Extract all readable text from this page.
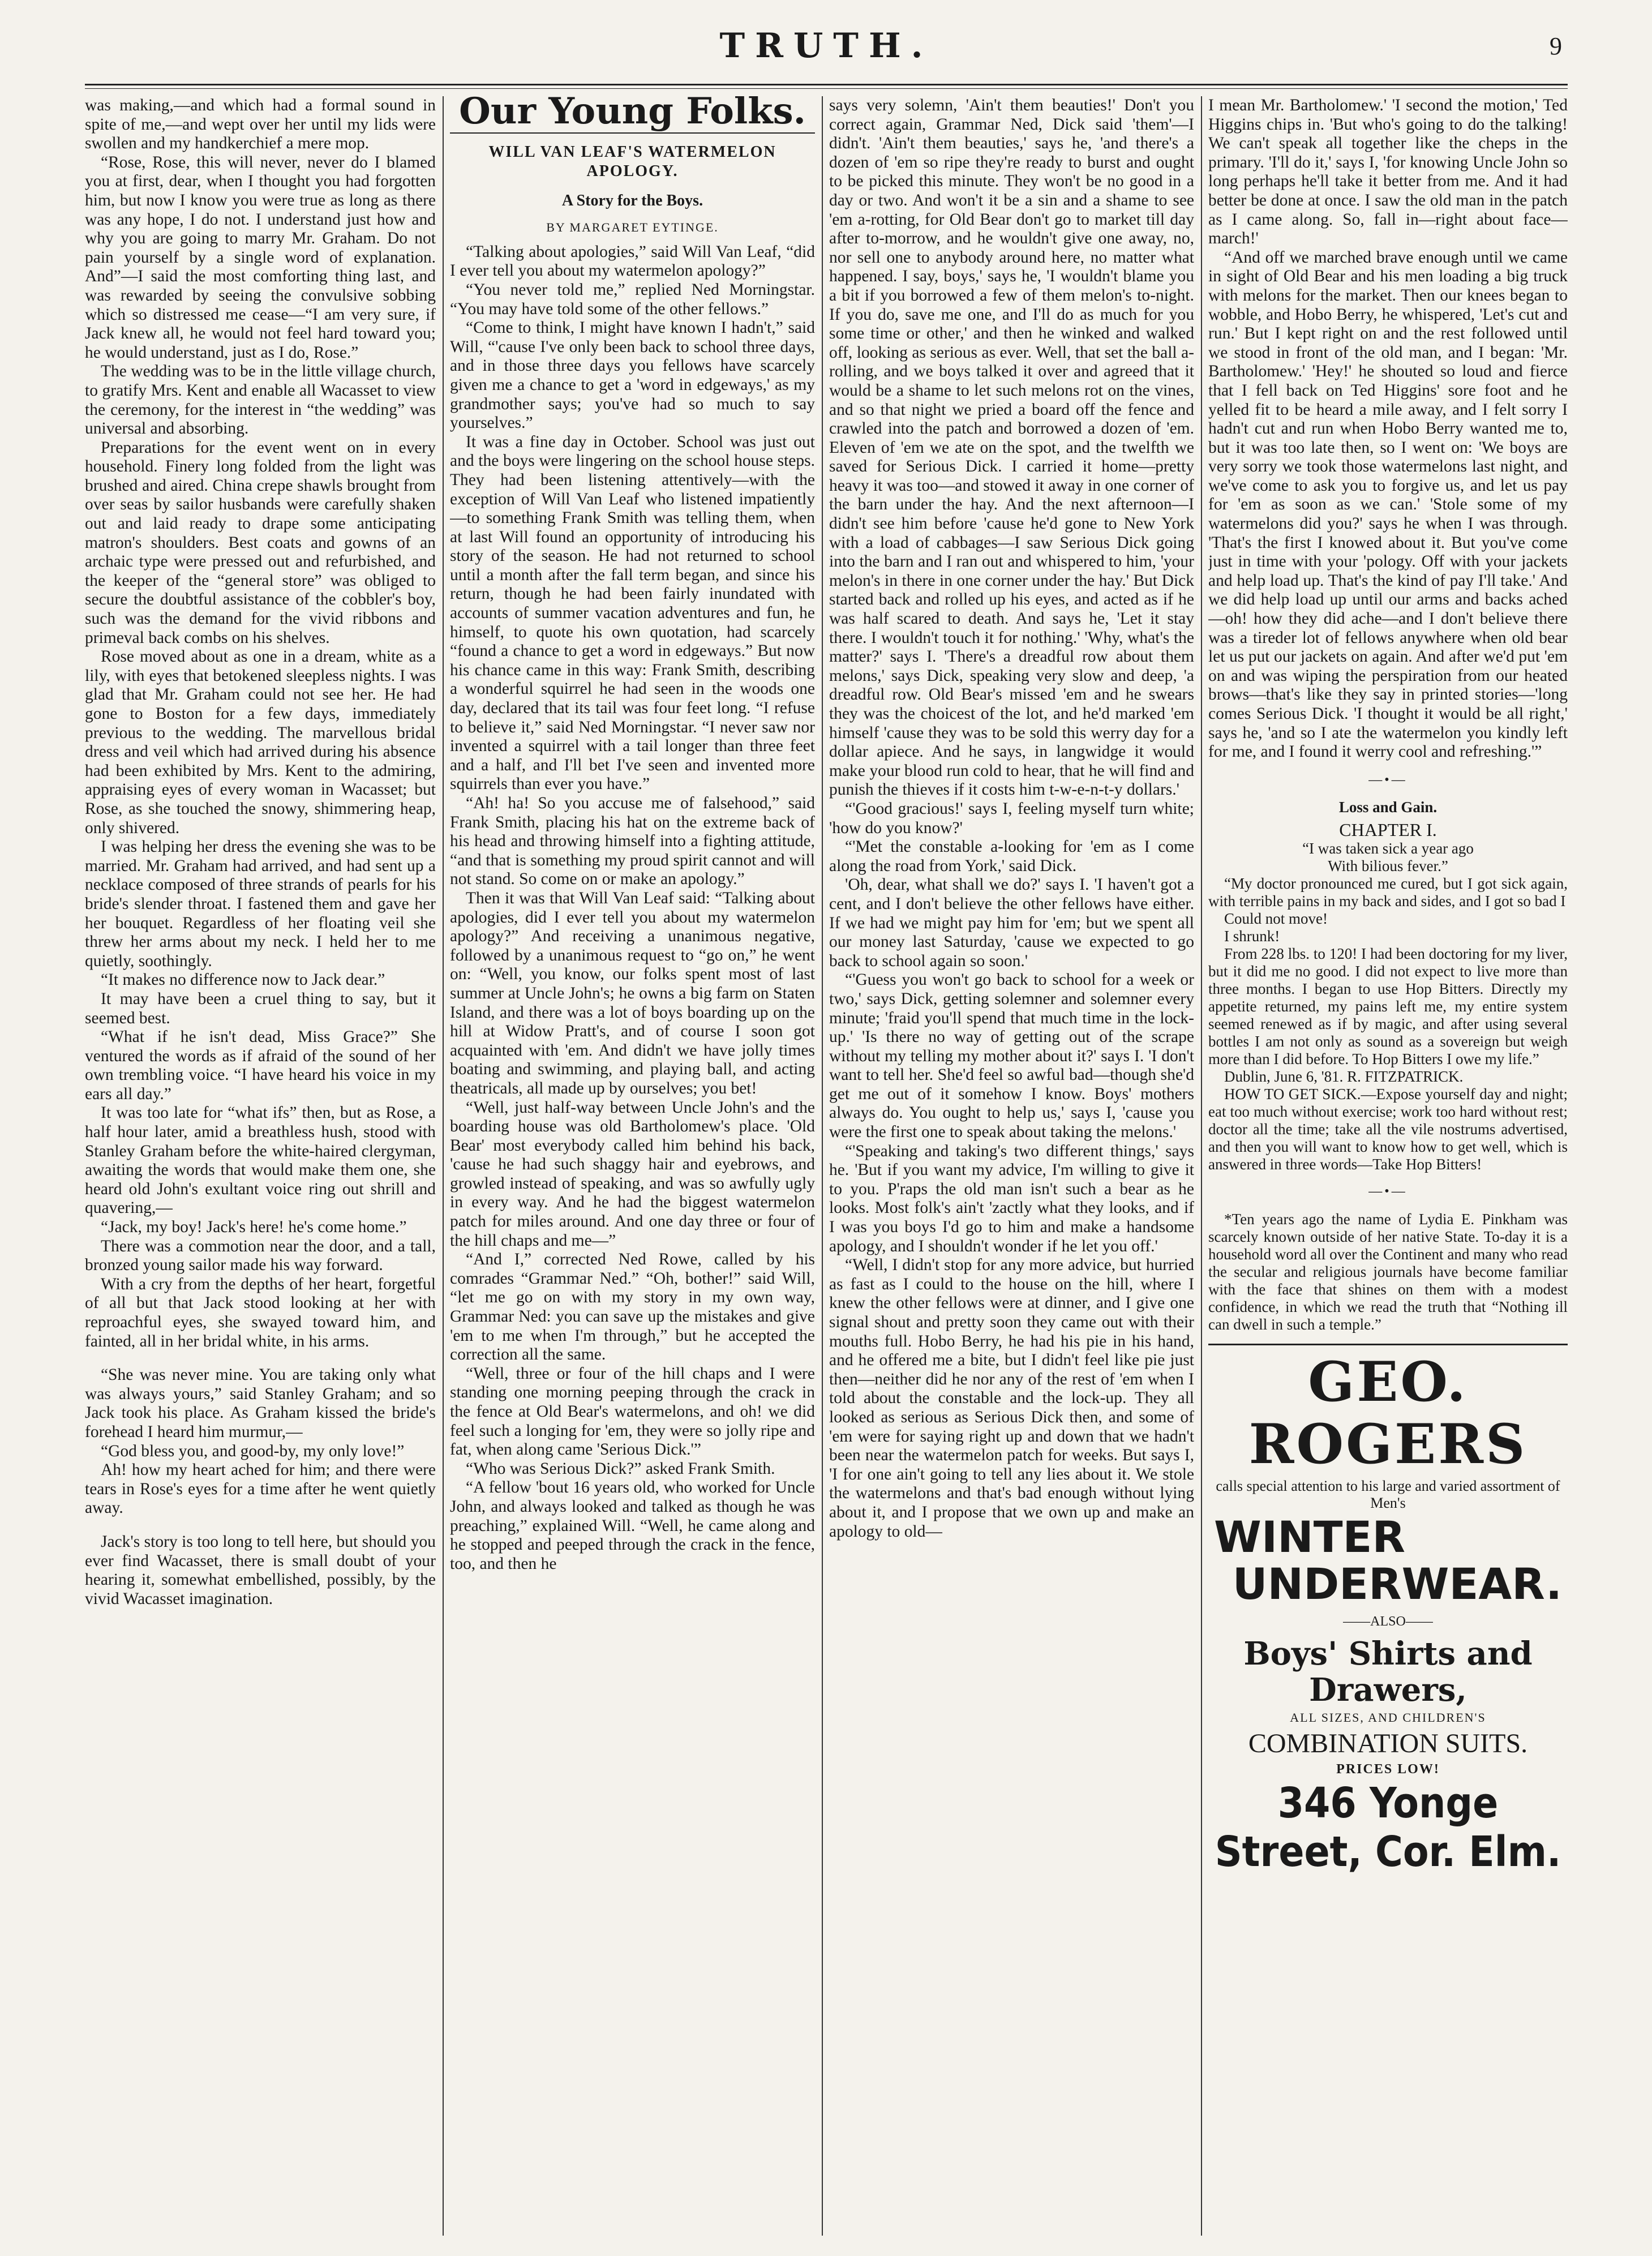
TRUTH.	9

was making,—and which had a formal sound in spite of me,—and wept over her until my lids were swollen and my handkerchief a mere mop.

“Rose, Rose, this will never, never do I blamed you at first, dear, when I thought you had forgotten him, but now I know you were true as long as there was any hope, I do not. I understand just how and why you are going to marry Mr. Graham. Do not pain yourself by a single word of explanation. And”—I said the most comforting thing last, and was rewarded by seeing the convulsive sobbing which so distressed me cease—“I am very sure, if Jack knew all, he would not feel hard toward you; he would understand, just as I do, Rose.”

The wedding was to be in the little village church, to gratify Mrs. Kent and enable all Wacasset to view the ceremony, for the interest in “the wedding” was universal and absorbing.

Preparations for the event went on in every household. Finery long folded from the light was brushed and aired. China crepe shawls brought from over seas by sailor husbands were carefully shaken out and laid ready to drape some anticipating matron's shoulders. Best coats and gowns of an archaic type were pressed out and refurbished, and the keeper of the “general store” was obliged to secure the doubtful assistance of the cobbler's boy, such was the demand for the vivid ribbons and primeval back combs on his shelves.

Rose moved about as one in a dream, white as a lily, with eyes that betokened sleepless nights. I was glad that Mr. Graham could not see her. He had gone to Boston for a few days, immediately previous to the wedding. The marvellous bridal dress and veil which had arrived during his absence had been exhibited by Mrs. Kent to the admiring, appraising eyes of every woman in Wacasset; but Rose, as she touched the snowy, shimmering heap, only shivered.

I was helping her dress the evening she was to be married. Mr. Graham had arrived, and had sent up a necklace composed of three strands of pearls for his bride's slender throat. I fastened them and gave her her bouquet. Regardless of her floating veil she threw her arms about my neck. I held her to me quietly, soothingly.

“It makes no difference now to Jack dear.”

It may have been a cruel thing to say, but it seemed best.

“What if he isn't dead, Miss Grace?” She ventured the words as if afraid of the sound of her own trembling voice. “I have heard his voice in my ears all day.”

It was too late for “what ifs” then, but as Rose, a half hour later, amid a breathless hush, stood with Stanley Graham before the white-haired clergyman, awaiting the words that would make them one, she heard old John's exultant voice ring out shrill and quavering,—

“Jack, my boy! Jack's here! he's come home.”

There was a commotion near the door, and a tall, bronzed young sailor made his way forward.

With a cry from the depths of her heart, forgetful of all but that Jack stood looking at her with reproachful eyes, she swayed toward him, and fainted, all in her bridal white, in his arms.

“She was never mine. You are taking only what was always yours,” said Stanley Graham; and so Jack took his place. As Graham kissed the bride's forehead I heard him murmur,—

“God bless you, and good-by, my only love!”

Ah! how my heart ached for him; and there were tears in Rose's eyes for a time after he went quietly away.

Jack's story is too long to tell here, but should you ever find Wacasset, there is small doubt of your hearing it, somewhat embellished, possibly, by the vivid Wacasset imagination.

Our Young Folks.
WILL VAN LEAF'S WATERMELON APOLOGY.
A Story for the Boys.
BY MARGARET EYTINGE.

“Talking about apologies,” said Will Van Leaf, “did I ever tell you about my watermelon apology?”

“You never told me,” replied Ned Morningstar. “You may have told some of the other fellows.”

“Come to think, I might have known I hadn't,” said Will, “'cause I've only been back to school three days, and in those three days you fellows have scarcely given me a chance to get a 'word in edgeways,' as my grandmother says; you've had so much to say yourselves.”

It was a fine day in October. School was just out and the boys were lingering on the school house steps. They had been listening attentively—with the exception of Will Van Leaf who listened impatiently—to something Frank Smith was telling them, when at last Will found an opportunity of introducing his story of the season. He had not returned to school until a month after the fall term began, and since his return, though he had been fairly inundated with accounts of summer vacation adventures and fun, he himself, to quote his own quotation, had scarcely “found a chance to get a word in edgeways.” But now his chance came in this way: Frank Smith, describing a wonderful squirrel he had seen in the woods one day, declared that its tail was four feet long. “I refuse to believe it,” said Ned Morningstar. “I never saw nor invented a squirrel with a tail longer than three feet and a half, and I'll bet I've seen and invented more squirrels than ever you have.”

“Ah! ha! So you accuse me of falsehood,” said Frank Smith, placing his hat on the extreme back of his head and throwing himself into a fighting attitude, “and that is something my proud spirit cannot and will not stand. So come on or make an apology.”

Then it was that Will Van Leaf said: “Talking about apologies, did I ever tell you about my watermelon apology?” And receiving a unanimous negative, followed by a unanimous request to “go on,” he went on: “Well, you know, our folks spent most of last summer at Uncle John's; he owns a big farm on Staten Island, and there was a lot of boys boarding up on the hill at Widow Pratt's, and of course I soon got acquainted with 'em. And didn't we have jolly times boating and swimming, and playing ball, and acting theatricals, all made up by ourselves; you bet!

“Well, just half-way between Uncle John's and the boarding house was old Bartholomew's place. 'Old Bear' most everybody called him behind his back, 'cause he had such shaggy hair and eyebrows, and growled instead of speaking, and was so awfully ugly in every way. And he had the biggest watermelon patch for miles around. And one day three or four of the hill chaps and me—”

“And I,” corrected Ned Rowe, called by his comrades “Grammar Ned.” “Oh, bother!” said Will, “let me go on with my story in my own way, Grammar Ned: you can save up the mistakes and give 'em to me when I'm through,” but he accepted the correction all the same.

“Well, three or four of the hill chaps and I were standing one morning peeping through the crack in the fence at Old Bear's watermelons, and oh! we did feel such a longing for 'em, they were so jolly ripe and fat, when along came 'Serious Dick.'”

“Who was Serious Dick?” asked Frank Smith.

“A fellow 'bout 16 years old, who worked for Uncle John, and always looked and talked as though he was preaching,” explained Will. “Well, he came along and he stopped and peeped through the crack in the fence, too, and then he

says very solemn, 'Ain't them beauties!' Don't you correct again, Grammar Ned, Dick said 'them'—I didn't. 'Ain't them beauties,' says he, 'and there's a dozen of 'em so ripe they're ready to burst and ought to be picked this minute. They won't be no good in a day or two. And won't it be a sin and a shame to see 'em a-rotting, for Old Bear don't go to market till day after to-morrow, and he wouldn't give one away, no, nor sell one to anybody around here, no matter what happened. I say, boys,' says he, 'I wouldn't blame you a bit if you borrowed a few of them melon's to-night. If you do, save me one, and I'll do as much for you some time or other,' and then he winked and walked off, looking as serious as ever. Well, that set the ball a-rolling, and we boys talked it over and agreed that it would be a shame to let such melons rot on the vines, and so that night we pried a board off the fence and crawled into the patch and borrowed a dozen of 'em. Eleven of 'em we ate on the spot, and the twelfth we saved for Serious Dick. I carried it home—pretty heavy it was too—and stowed it away in one corner of the barn under the hay. And the next afternoon—I didn't see him before 'cause he'd gone to New York with a load of cabbages—I saw Serious Dick going into the barn and I ran out and whispered to him, 'your melon's in there in one corner under the hay.' But Dick started back and rolled up his eyes, and acted as if he was half scared to death. And says he, 'Let it stay there. I wouldn't touch it for nothing.' 'Why, what's the matter?' says I. 'There's a dreadful row about them melons,' says Dick, speaking very slow and deep, 'a dreadful row. Old Bear's missed 'em and he swears they was the choicest of the lot, and he'd marked 'em himself 'cause they was to be sold this werry day for a dollar apiece. And he says, in langwidge it would make your blood run cold to hear, that he will find and punish the thieves if it costs him t-w-e-n-t-y dollars.'

“'Good gracious!' says I, feeling myself turn white; 'how do you know?'

“'Met the constable a-looking for 'em as I come along the road from York,' said Dick.

'Oh, dear, what shall we do?' says I. 'I haven't got a cent, and I don't believe the other fellows have either. If we had we might pay him for 'em; but we spent all our money last Saturday, 'cause we expected to go back to school again so soon.'

“'Guess you won't go back to school for a week or two,' says Dick, getting solemner and solemner every minute; 'fraid you'll spend that much time in the lock-up.' 'Is there no way of getting out of the scrape without my telling my mother about it?' says I. 'I don't want to tell her. She'd feel so awful bad—though she'd get me out of it somehow I know. Boys' mothers always do. You ought to help us,' says I, 'cause you were the first one to speak about taking the melons.'

“'Speaking and taking's two different things,' says he. 'But if you want my advice, I'm willing to give it to you. P'raps the old man isn't such a bear as he looks. Most folk's ain't 'zactly what they looks, and if I was you boys I'd go to him and make a handsome apology, and I shouldn't wonder if he let you off.'

“Well, I didn't stop for any more advice, but hurried as fast as I could to the house on the hill, where I knew the other fellows were at dinner, and I give one signal shout and pretty soon they came out with their mouths full. Hobo Berry, he had his pie in his hand, and he offered me a bite, but I didn't feel like pie just then—neither did he nor any of the rest of 'em when I told about the constable and the lock-up. They all looked as serious as Serious Dick then, and some of 'em were for saying right up and down that we hadn't been near the watermelon patch for weeks. But says I, 'I for one ain't going to tell any lies about it. We stole the watermelons and that's bad enough without lying about it, and I propose that we own up and make an apology to old—

I mean Mr. Bartholomew.' 'I second the motion,' Ted Higgins chips in. 'But who's going to do the talking! We can't speak all together like the cheps in the primary. 'I'll do it,' says I, 'for knowing Uncle John so long perhaps he'll take it better from me. And it had better be done at once. I saw the old man in the patch as I came along. So, fall in—right about face—march!'

“And off we marched brave enough until we came in sight of Old Bear and his men loading a big truck with melons for the market. Then our knees began to wobble, and Hobo Berry, he whispered, 'Let's cut and run.' But I kept right on and the rest followed until we stood in front of the old man, and I began: 'Mr. Bartholomew.' 'Hey!' he shouted so loud and fierce that I fell back on Ted Higgins' sore foot and he yelled fit to be heard a mile away, and I felt sorry I hadn't cut and run when Hobo Berry wanted me to, but it was too late then, so I went on: 'We boys are very sorry we took those watermelons last night, and we've come to ask you to forgive us, and let us pay for 'em as soon as we can.' 'Stole some of my watermelons did you?' says he when I was through. 'That's the first I knowed about it. But you've come just in time with your 'pology. Off with your jackets and help load up. That's the kind of pay I'll take.' And we did help load up until our arms and backs ached—oh! how they did ache—and I don't believe there was a tireder lot of fellows anywhere when old bear let us put our jackets on again. And after we'd put 'em on and was wiping the perspiration from our heated brows—that's like they say in printed stories—'long comes Serious Dick. 'I thought it would be all right,' says he, 'and so I ate the watermelon you kindly left for me, and I found it werry cool and refreshing.'”

—•—
Loss and Gain.
CHAPTER I.
“I was taken sick a year ago
With bilious fever.”

“My doctor pronounced me cured, but I got sick again, with terrible pains in my back and sides, and I got so bad I

Could not move!

I shrunk!

From 228 lbs. to 120! I had been doctoring for my liver, but it did me no good. I did not expect to live more than three months. I began to use Hop Bitters. Directly my appetite returned, my pains left me, my entire system seemed renewed as if by magic, and after using several bottles I am not only as sound as a sovereign but weigh more than I did before. To Hop Bitters I owe my life.”

Dublin, June 6, '81. R. FITZPATRICK.

HOW TO GET SICK.—Expose yourself day and night; eat too much without exercise; work too hard without rest; doctor all the time; take all the vile nostrums advertised, and then you will want to know how to get well, which is answered in three words—Take Hop Bitters!

—•—

*Ten years ago the name of Lydia E. Pinkham was scarcely known outside of her native State. To-day it is a household word all over the Continent and many who read the secular and religious journals have become familiar with the face that shines on them with a modest confidence, in which we read the truth that “Nothing ill can dwell in such a temple.”

GEO. ROGERS
calls special attention to his large and varied assortment of Men's
WINTER
UNDERWEAR.
——ALSO——
Boys' Shirts and Drawers,
ALL SIZES, AND CHILDREN'S
COMBINATION SUITS.
PRICES LOW!
346 Yonge Street, Cor. Elm.
